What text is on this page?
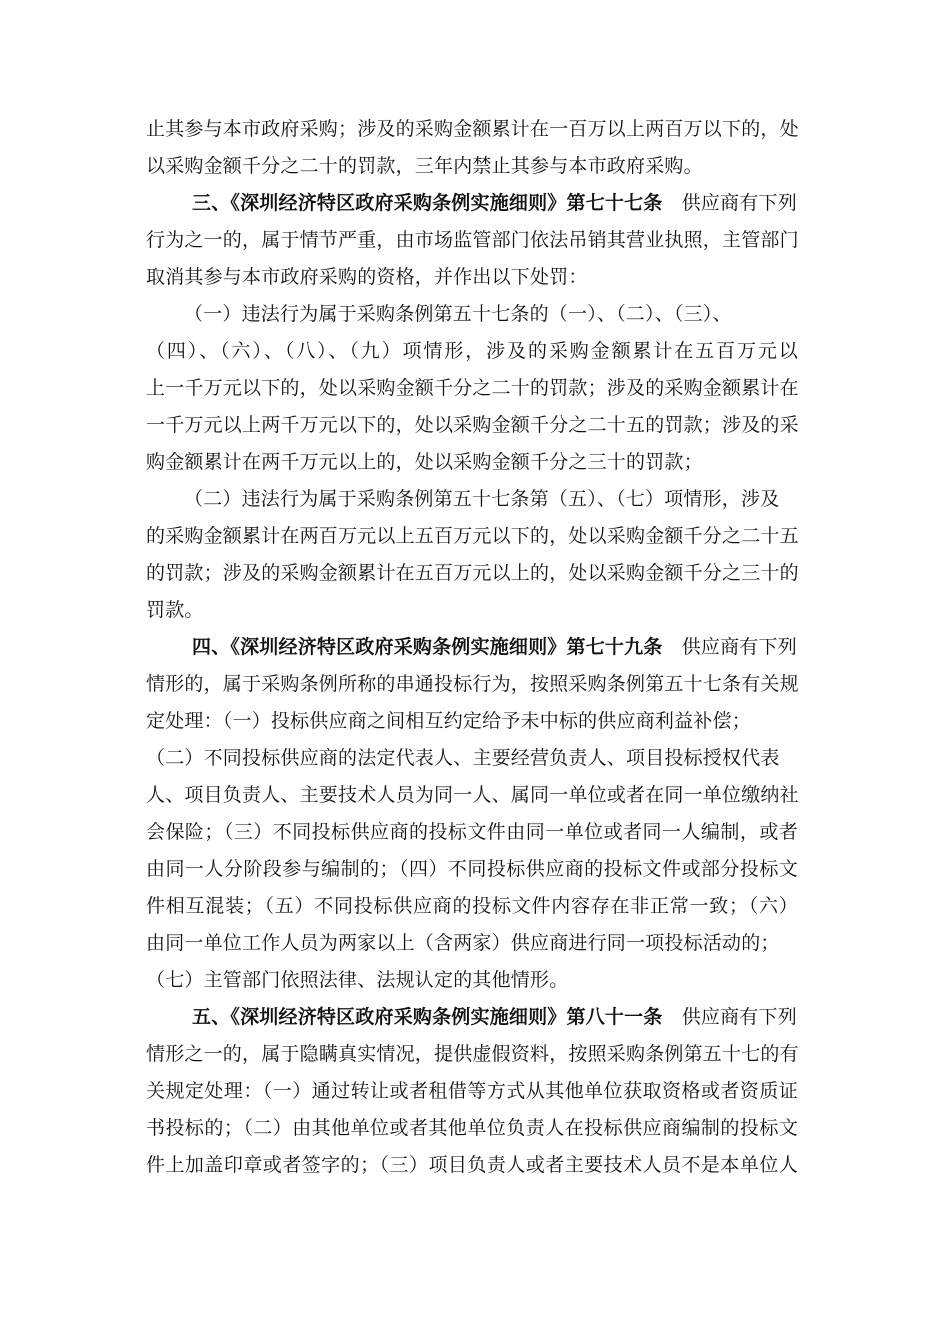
止其参与本市政府采购；涉及的采购金额累计在一百万以上两百万以下的，处
以采购金额千分之二十的罚款，三年内禁止其参与本市政府采购。
三、《深圳经济特区政府采购条例实施细则》第七十七条　供应商有下列
行为之一的，属于情节严重，由市场监管部门依法吊销其营业执照，主管部门
取消其参与本市政府采购的资格，并作出以下处罚：
（一）违法行为属于采购条例第五十七条的（一）、（二）、（三）、
（四）、（六）、（八）、（九）项情形，涉及的采购金额累计在五百万元以
上一千万元以下的，处以采购金额千分之二十的罚款；涉及的采购金额累计在
一千万元以上两千万元以下的，处以采购金额千分之二十五的罚款；涉及的采
购金额累计在两千万元以上的，处以采购金额千分之三十的罚款；
（二）违法行为属于采购条例第五十七条第（五）、（七）项情形，涉及
的采购金额累计在两百万元以上五百万元以下的，处以采购金额千分之二十五
的罚款；涉及的采购金额累计在五百万元以上的，处以采购金额千分之三十的
罚款。
四、《深圳经济特区政府采购条例实施细则》第七十九条　供应商有下列
情形的，属于采购条例所称的串通投标行为，按照采购条例第五十七条有关规
定处理：（一）投标供应商之间相互约定给予未中标的供应商利益补偿；
（二）不同投标供应商的法定代表人、主要经营负责人、项目投标授权代表
人、项目负责人、主要技术人员为同一人、属同一单位或者在同一单位缴纳社
会保险；（三）不同投标供应商的投标文件由同一单位或者同一人编制，或者
由同一人分阶段参与编制的；（四）不同投标供应商的投标文件或部分投标文
件相互混装；（五）不同投标供应商的投标文件内容存在非正常一致；（六）
由同一单位工作人员为两家以上（含两家）供应商进行同一项投标活动的；
（七）主管部门依照法律、法规认定的其他情形。
五、《深圳经济特区政府采购条例实施细则》第八十一条　供应商有下列
情形之一的，属于隐瞒真实情况，提供虚假资料，按照采购条例第五十七的有
关规定处理：（一）通过转让或者租借等方式从其他单位获取资格或者资质证
书投标的；（二）由其他单位或者其他单位负责人在投标供应商编制的投标文
件上加盖印章或者签字的；（三）项目负责人或者主要技术人员不是本单位人
